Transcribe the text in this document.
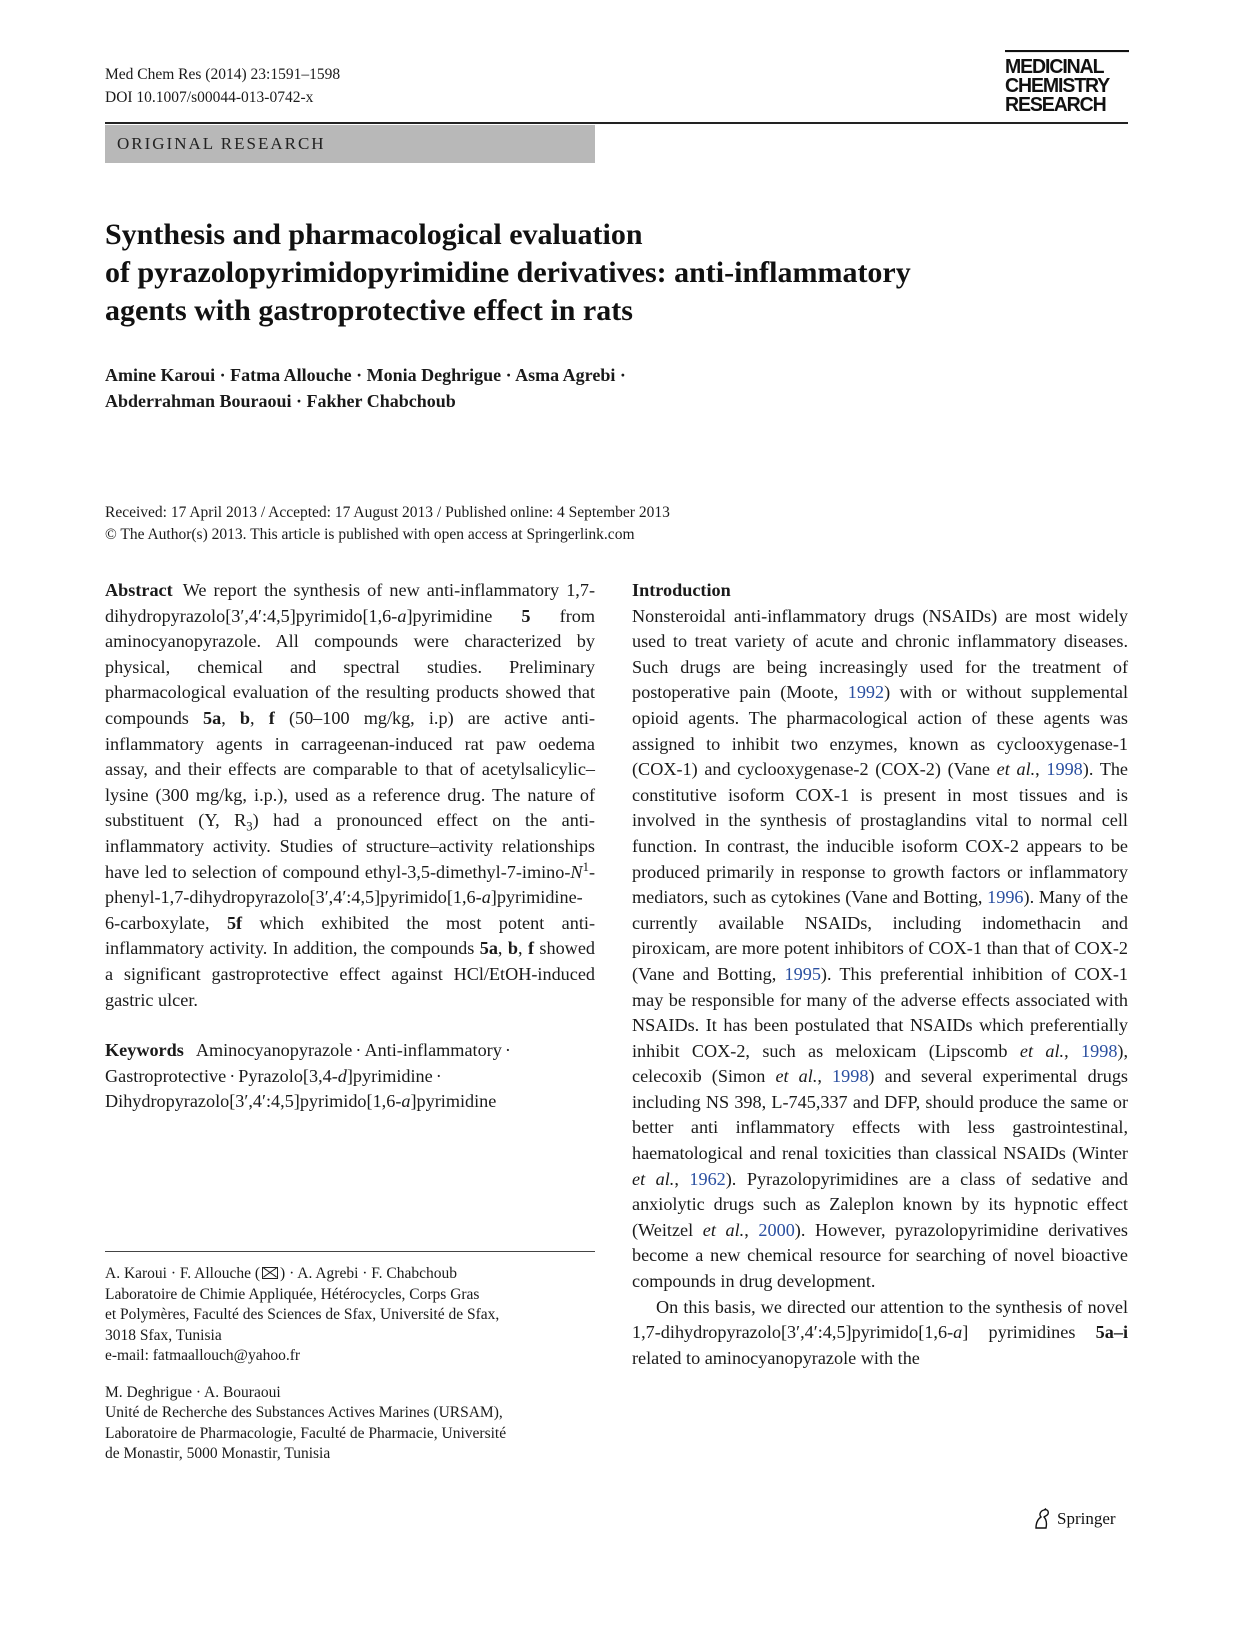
Med Chem Res (2014) 23:1591–1598
DOI 10.1007/s00044-013-0742-x
MEDICINAL
CHEMISTRY
RESEARCH
ORIGINAL RESEARCH
Synthesis and pharmacological evaluation
of pyrazolopyrimidopyrimidine derivatives: anti-inflammatory
agents with gastroprotective effect in rats
Amine Karoui · Fatma Allouche · Monia Deghrigue · Asma Agrebi ·
Abderrahman Bouraoui · Fakher Chabchoub
Received: 17 April 2013 / Accepted: 17 August 2013 / Published online: 4 September 2013
© The Author(s) 2013. This article is published with open access at Springerlink.com

Abstract We report the synthesis of new anti-inflammatory 1,7-dihydropyrazolo[3′,4′:4,5]pyrimido[1,6-a]pyrimidine 5 from aminocyanopyrazole. All compounds were characterized by physical, chemical and spectral studies. Preliminary pharmacological evaluation of the resulting products showed that compounds 5a, b, f (50–100 mg/kg, i.p) are active anti-inflammatory agents in carrageenan-induced rat paw oedema assay, and their effects are comparable to that of acetylsalicylic–lysine (300 mg/kg, i.p.), used as a reference drug. The nature of substituent (Y, $R_3$) had a pronounced effect on the anti-inflammatory activity. Studies of structure–activity relationships have led to selection of compound ethyl-$3,5-dimethyl-7-imino-N^1-phenyl-1,7-dihydropyrazolo[3',4':4,5]pyrimido[1,6-a]pyrimidine-6$-carboxylate, 5f which exhibited the most potent anti-inflammatory activity. In addition, the compounds 5a, b, f showed a significant gastroprotective effect against HCl/EtOH-induced gastric ulcer.

Keywords Aminocyanopyrazole · Anti-inflammatory ·
Gastroprotective · Pyrazolo[3,4-d]pyrimidine ·
Dihydropyrazolo[3′,4′:4,5]pyrimido[1,6-a]pyrimidine

A. Karoui · F. Allouche ( ) · A. Agrebi · F. Chabchoub

Laboratoire de Chimie Appliquée, Hétérocycles, Corps Gras

et Polymères, Faculté des Sciences de Sfax, Université de Sfax,

3018 Sfax, Tunisia

e-mail: fatmaallouch@yahoo.fr

M. Deghrigue · A. Bouraoui

Unité de Recherche des Substances Actives Marines (URSAM),

Laboratoire de Pharmacologie, Faculté de Pharmacie, Université

de Monastir, 5000 Monastir, Tunisia

Introduction

Nonsteroidal anti-inflammatory drugs (NSAIDs) are most widely used to treat variety of acute and chronic inflammatory diseases. Such drugs are being increasingly used for the treatment of postoperative pain (Moote, 1992) with or without supplemental opioid agents. The pharmacological action of these agents was assigned to inhibit two enzymes, known as cyclooxygenase-1 (COX-1) and cyclooxygenase-2 (COX-2) (Vane et al., 1998). The constitutive isoform COX-1 is present in most tissues and is involved in the synthesis of prostaglandins vital to normal cell function. In contrast, the inducible isoform COX-2 appears to be produced primarily in response to growth factors or inflammatory mediators, such as cytokines (Vane and Botting, 1996). Many of the currently available NSAIDs, including indomethacin and piroxicam, are more potent inhibitors of COX-1 than that of COX-2 (Vane and Botting, 1995). This preferential inhibition of COX-1 may be responsible for many of the adverse effects associated with NSAIDs. It has been postulated that NSAIDs which preferentially inhibit COX-2, such as meloxicam (Lipscomb et al., 1998), celecoxib (Simon et al., 1998) and several experimental drugs including NS 398, L-745,337 and DFP, should produce the same or better anti inflammatory effects with less gastrointestinal, haematological and renal toxicities than classical NSAIDs (Winter et al., 1962). Pyrazolopyrimidines are a class of sedative and anxiolytic drugs such as Zaleplon known by its hypnotic effect (Weitzel et al., 2000). However, pyrazolopyrimidine derivatives become a new chemical resource for searching of novel bioactive compounds in drug development.

On this basis, we directed our attention to the synthesis of novel 1,7-dihydropyrazolo[3′,4′:4,5]pyrimido[1,6-a] pyrimidines 5a–i related to aminocyanopyrazole with the

Springer
